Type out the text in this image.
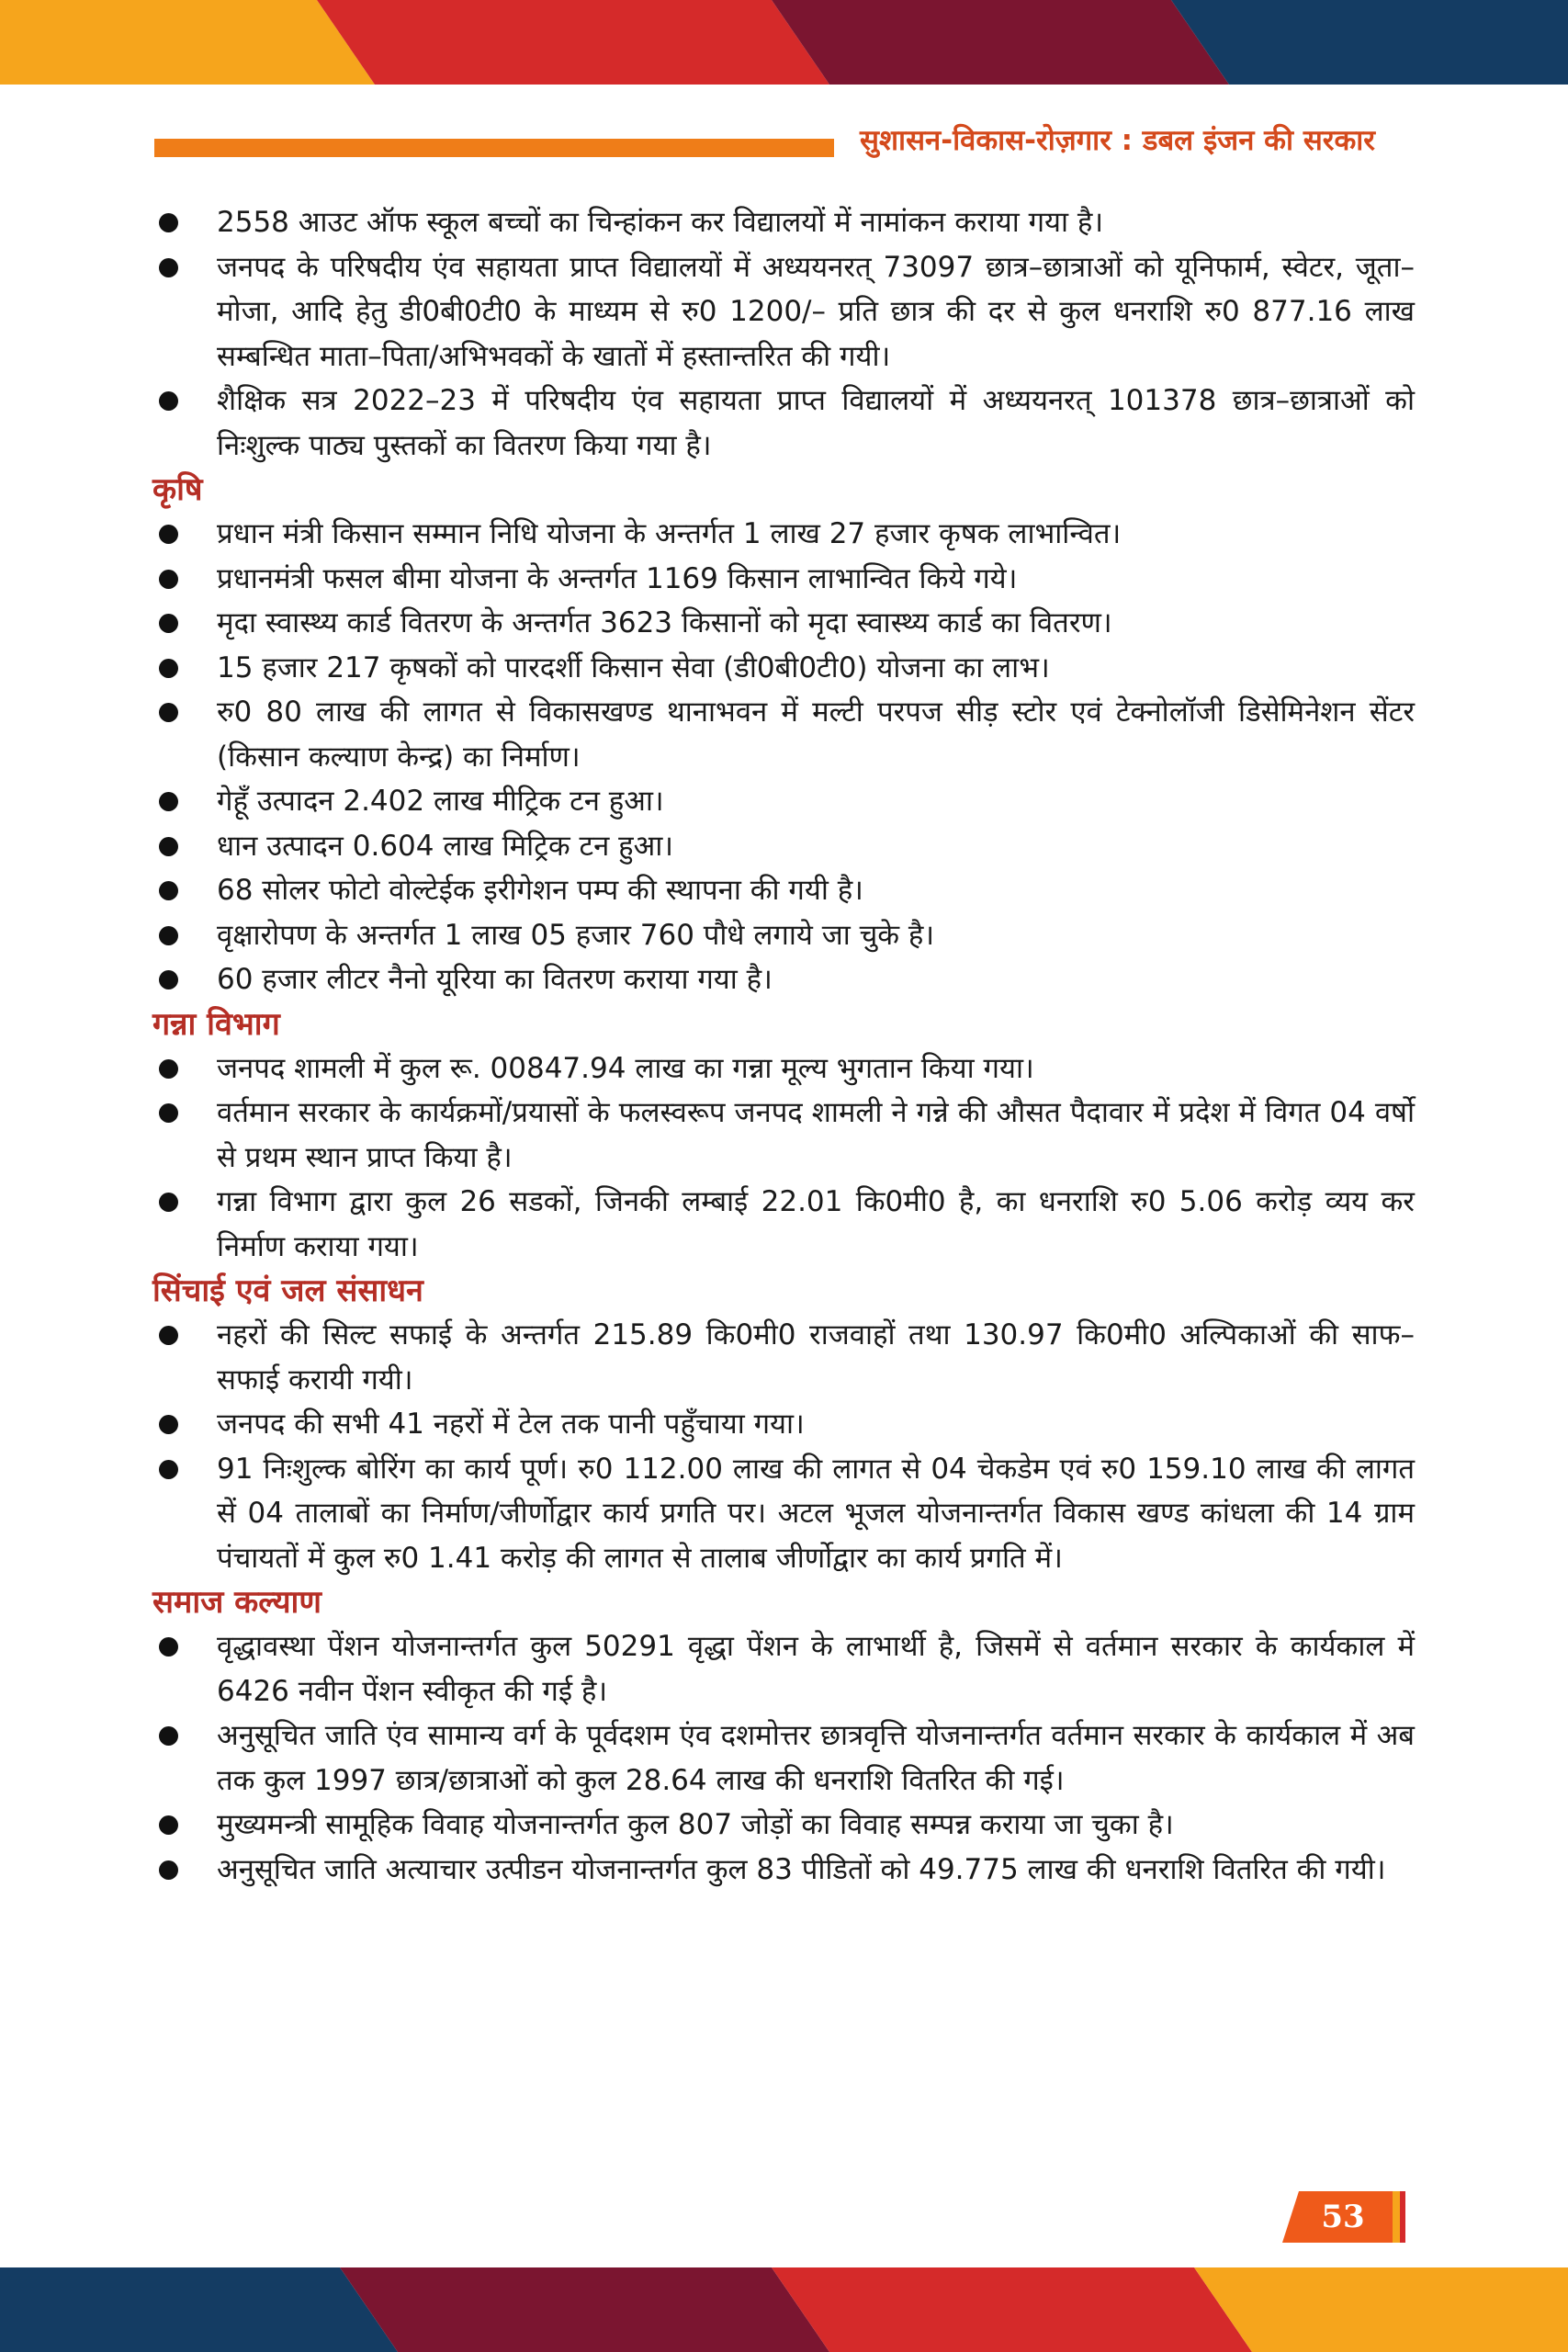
सुशासन-विकास-रोज़गार : डबल इंजन की सरकार
2558 आउट ऑफ स्कूल बच्चों का चिन्हांकन कर विद्यालयों में नामांकन कराया गया है।
जनपद के परिषदीय एंव सहायता प्राप्त विद्यालयों में अध्ययनरत् 73097 छात्र–छात्राओं को यूनिफार्म, स्वेटर, जूता–मोजा, आदि हेतु डी0बी0टी0 के माध्यम से रु0 1200/– प्रति छात्र की दर से कुल धनराशि रु0 877.16 लाख सम्बन्धित माता–पिता/अभिभवकों के खातों में हस्तान्तरित की गयी।
शैक्षिक सत्र 2022–23 में परिषदीय एंव सहायता प्राप्त विद्यालयों में अध्ययनरत् 101378 छात्र–छात्राओं को निःशुल्क पाठ्य पुस्तकों का वितरण किया गया है।
कृषि
प्रधान मंत्री किसान सम्मान निधि योजना के अन्तर्गत 1 लाख 27 हजार कृषक लाभान्वित।
प्रधानमंत्री फसल बीमा योजना के अन्तर्गत 1169 किसान लाभान्वित किये गये।
मृदा स्वास्थ्य कार्ड वितरण के अन्तर्गत 3623 किसानों को मृदा स्वास्थ्य कार्ड का वितरण।
15 हजार 217 कृषकों को पारदर्शी किसान सेवा (डी0बी0टी0) योजना का लाभ।
रु0 80 लाख की लागत से विकासखण्ड थानाभवन में मल्टी परपज सीड़ स्टोर एवं टेक्नोलॉजी डिसेमिनेशन सेंटर (किसान कल्याण केन्द्र) का निर्माण।
गेहूँ उत्पादन 2.402 लाख मीट्रिक टन हुआ।
धान उत्पादन 0.604 लाख मिट्रिक टन हुआ।
68 सोलर फोटो वोल्टेईक इरीगेशन पम्प की स्थापना की गयी है।
वृक्षारोपण के अन्तर्गत 1 लाख 05 हजार 760 पौधे लगाये जा चुके है।
60 हजार लीटर नैनो यूरिया का वितरण कराया गया है।
गन्ना विभाग
जनपद शामली में कुल रू. 00847.94 लाख का गन्ना मूल्य भुगतान किया गया।
वर्तमान सरकार के कार्यक्रमों/प्रयासों के फलस्वरूप जनपद शामली ने गन्ने की औसत पैदावार में प्रदेश में विगत 04 वर्षो से प्रथम स्थान प्राप्त किया है।
गन्ना विभाग द्वारा कुल 26 सडकों, जिनकी लम्बाई 22.01 कि0मी0 है, का धनराशि रु0 5.06 करोड़ व्यय कर निर्माण कराया गया।
सिंचाई एवं जल संसाधन
नहरों की सिल्ट सफाई के अन्तर्गत 215.89 कि0मी0 राजवाहों तथा 130.97 कि0मी0 अल्पिकाओं की साफ–सफाई करायी गयी।
जनपद की सभी 41 नहरों में टेल तक पानी पहुँचाया गया।
91 निःशुल्क बोरिंग का कार्य पूर्ण। रु0 112.00 लाख की लागत से 04 चेकडेम एवं रु0 159.10 लाख की लागत सें 04 तालाबों का निर्माण/जीर्णोद्वार कार्य प्रगति पर। अटल भूजल योजनान्तर्गत विकास खण्ड कांधला की 14 ग्राम पंचायतों में कुल रु0 1.41 करोड़ की लागत से तालाब जीर्णोद्वार का कार्य प्रगति में।
समाज कल्याण
वृद्धावस्था पेंशन योजनान्तर्गत कुल 50291 वृद्धा पेंशन के लाभार्थी है, जिसमें से वर्तमान सरकार के कार्यकाल में 6426 नवीन पेंशन स्वीकृत की गई है।
अनुसूचित जाति एंव सामान्य वर्ग के पूर्वदशम एंव दशमोत्तर छात्रवृत्ति योजनान्तर्गत वर्तमान सरकार के कार्यकाल में अब तक कुल 1997 छात्र/छात्राओं को कुल 28.64 लाख की धनराशि वितरित की गई।
मुख्यमन्त्री सामूहिक विवाह योजनान्तर्गत कुल 807 जोड़ों का विवाह सम्पन्न कराया जा चुका है।
अनुसूचित जाति अत्याचार उत्पीडन योजनान्तर्गत कुल 83 पीडितों को 49.775 लाख की धनराशि वितरित की गयी।
53
